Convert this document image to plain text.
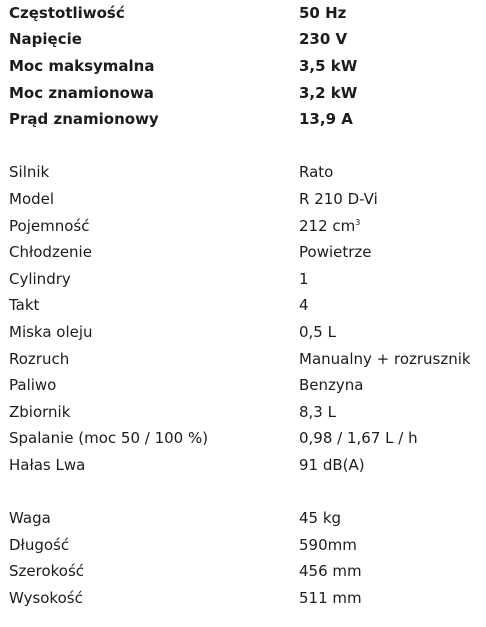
Częstotliwość	50 Hz
Napięcie	230 V
Moc maksymalna	3,5 kW
Moc znamionowa	3,2 kW
Prąd znamionowy	13,9 A
Silnik	Rato
Model	R 210 D-Vi
Pojemność	212 $cm^3$
Chłodzenie	Powietrze
Cylindry	1
Takt	4
Miska oleju	0,5 L
Rozruch	Manualny + rozrusznik
Paliwo	Benzyna
Zbiornik	8,3 L
Spalanie (moc 50 / 100 %)	0,98 / 1,67 L / h
Hałas Lwa	91 dB(A)
Waga	45 kg
Długość	590mm
Szerokość	456 mm
Wysokość	511 mm
